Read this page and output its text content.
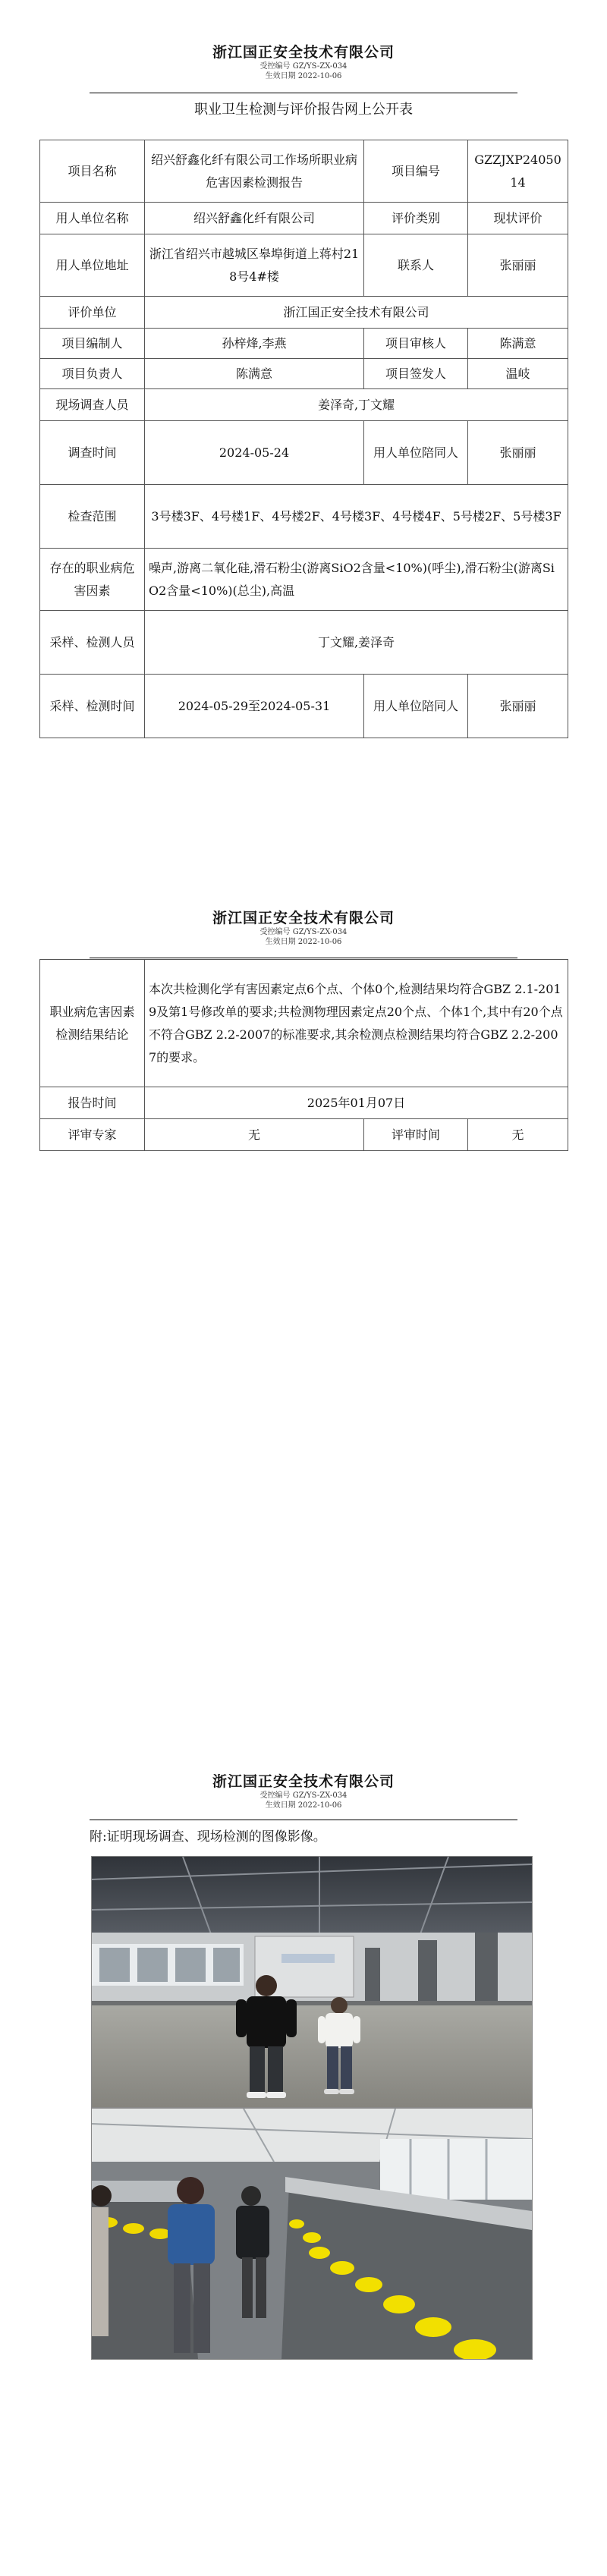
浙江国正安全技术有限公司
受控编号 GZ/YS-ZX-034
生效日期 2022-10-06
职业卫生检测与评价报告网上公开表
项目名称	绍兴舒鑫化纤有限公司工作场所职业病危害因素检测报告	项目编号	GZZJXP2405014
用人单位名称	绍兴舒鑫化纤有限公司	评价类别	现状评价
用人单位地址	浙江省绍兴市越城区皋埠街道上蒋村218号4#楼	联系人	张丽丽
评价单位	浙江国正安全技术有限公司		
项目编制人	孙梓烽,李燕	项目审核人	陈满意
项目负责人	陈满意	项目签发人	温岐
现场调查人员	姜泽奇,丁文耀		
调查时间	2024-05-24	用人单位陪同人	张丽丽
检查范围	3号楼3F、4号楼1F、4号楼2F、4号楼3F、4号楼4F、5号楼2F、5号楼3F		
存在的职业病危害因素	噪声,游离二氧化硅,滑石粉尘(游离SiO2含量<10%)(呼尘),滑石粉尘(游离SiO2含量<10%)(总尘),高温		
采样、检测人员	丁文耀,姜泽奇		
采样、检测时间	2024-05-29至2024-05-31	用人单位陪同人	张丽丽
浙江国正安全技术有限公司
受控编号 GZ/YS-ZX-034
生效日期 2022-10-06
职业病危害因素检测结果结论	本次共检测化学有害因素定点6个点、个体0个,检测结果均符合GBZ 2.1-2019及第1号修改单的要求;共检测物理因素定点20个点、个体1个,其中有20个点不符合GBZ 2.2-2007的标准要求,其余检测点检测结果均符合GBZ 2.2-2007的要求。		
报告时间	2025年01月07日		
评审专家	无	评审时间	无
浙江国正安全技术有限公司
受控编号 GZ/YS-ZX-034
生效日期 2022-10-06
附:证明现场调查、现场检测的图像影像。
